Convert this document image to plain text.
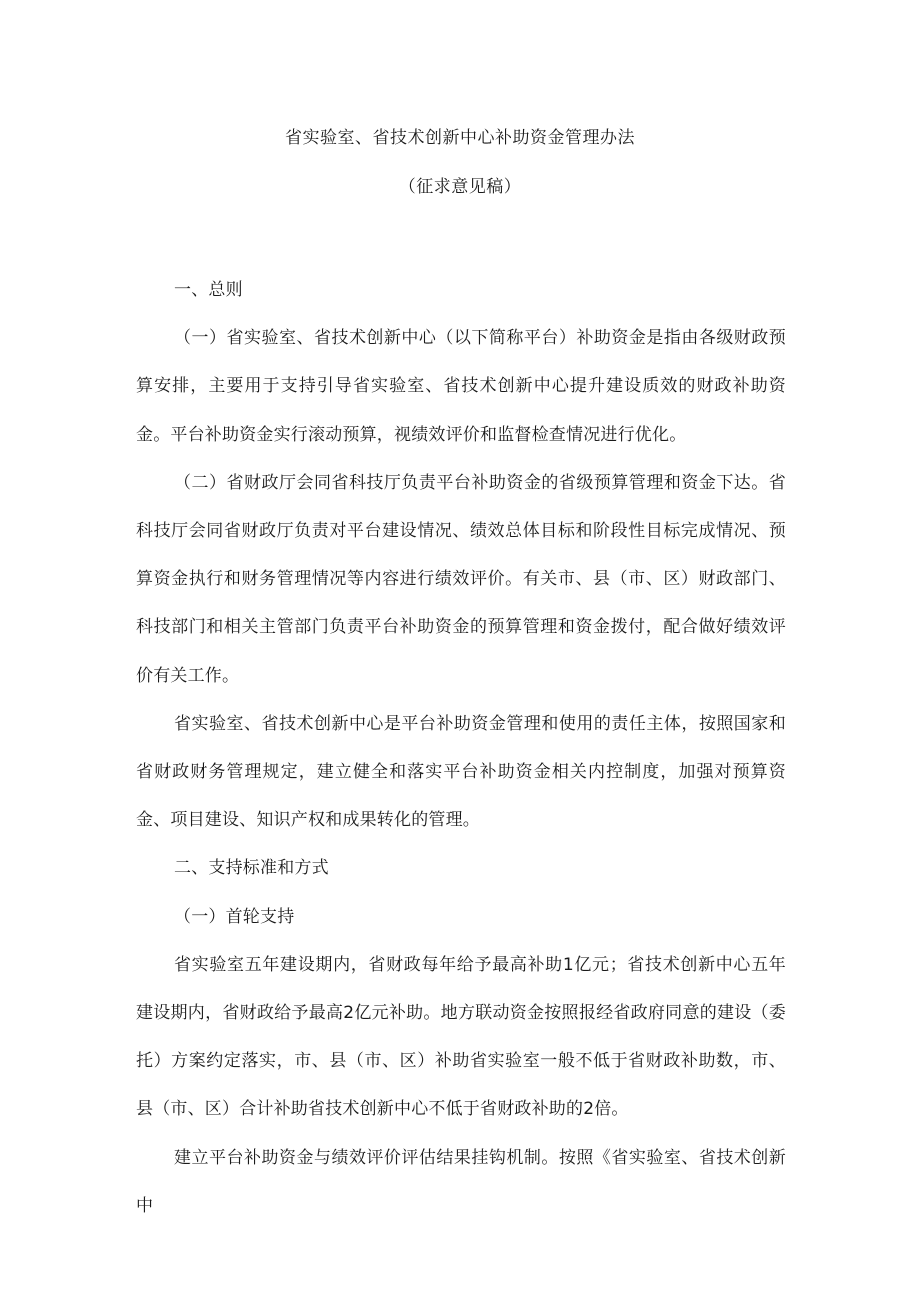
省实验室、省技术创新中心补助资金管理办法
（征求意见稿）

一、总则

（一）省实验室、省技术创新中心（以下简称平台）补助资金是指由各级财政预算安排，主要用于支持引导省实验室、省技术创新中心提升建设质效的财政补助资金。平台补助资金实行滚动预算，视绩效评价和监督检查情况进行优化。

（二）省财政厅会同省科技厅负责平台补助资金的省级预算管理和资金下达。省科技厅会同省财政厅负责对平台建设情况、绩效总体目标和阶段性目标完成情况、预算资金执行和财务管理情况等内容进行绩效评价。有关市、县（市、区）财政部门、科技部门和相关主管部门负责平台补助资金的预算管理和资金拨付，配合做好绩效评价有关工作。

省实验室、省技术创新中心是平台补助资金管理和使用的责任主体，按照国家和省财政财务管理规定，建立健全和落实平台补助资金相关内控制度，加强对预算资金、项目建设、知识产权和成果转化的管理。

二、支持标准和方式

（一）首轮支持

省实验室五年建设期内，省财政每年给予最高补助1亿元；省技术创新中心五年建设期内，省财政给予最高2亿元补助。地方联动资金按照报经省政府同意的建设（委托）方案约定落实，市、县（市、区）补助省实验室一般不低于省财政补助数，市、县（市、区）合计补助省技术创新中心不低于省财政补助的2倍。

建立平台补助资金与绩效评价评估结果挂钩机制。按照《省实验室、省技术创新中
